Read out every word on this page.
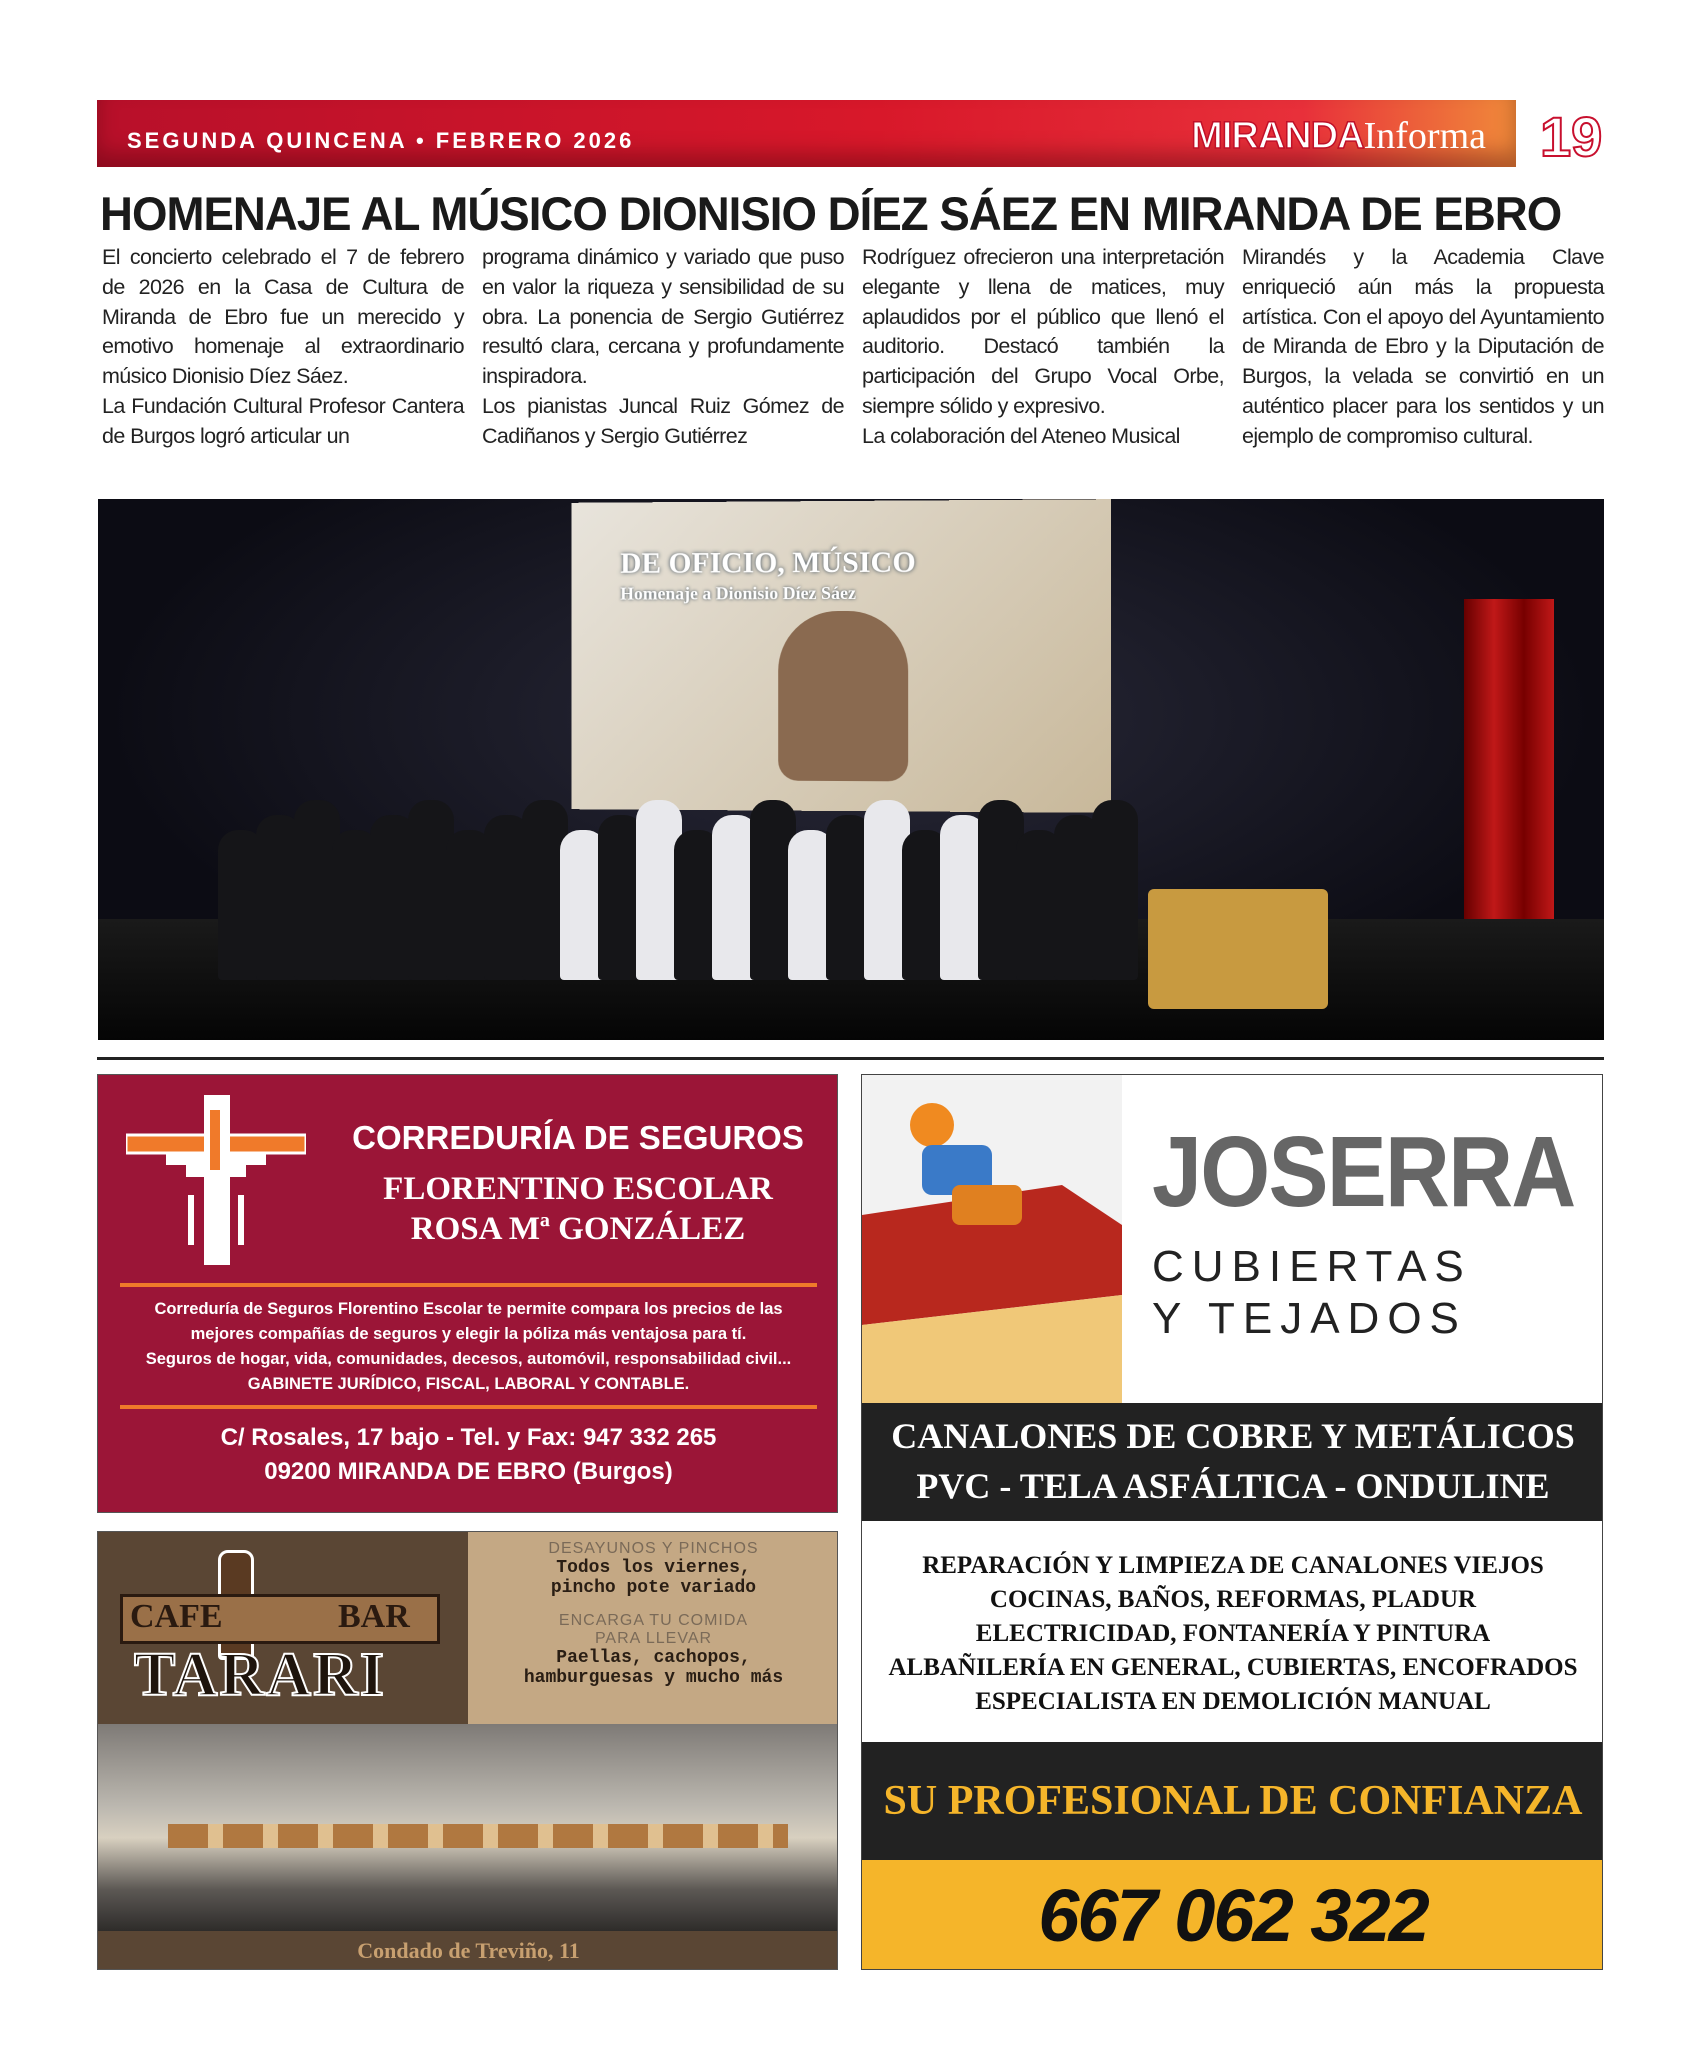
SEGUNDA QUINCENA • FEBRERO 2026	MIRANDAInforma 19
HOMENAJE AL MÚSICO DIONISIO DÍEZ SÁEZ EN MIRANDA DE EBRO
El concierto celebrado el 7 de febrero de 2026 en la Casa de Cultura de Miranda de Ebro fue un merecido y emotivo homenaje al extraordinario músico Dionisio Díez Sáez.
La Fundación Cultural Profesor Cantera de Burgos logró articular un
programa dinámico y variado que puso en valor la riqueza y sensibilidad de su obra. La ponencia de Sergio Gutiérrez resultó clara, cercana y profundamente inspiradora.
Los pianistas Juncal Ruiz Gómez de Cadiñanos y Sergio Gutiérrez
Rodríguez ofrecieron una interpretación elegante y llena de matices, muy aplaudidos por el público que llenó el auditorio. Destacó también la participación del Grupo Vocal Orbe, siempre sólido y expresivo.
La colaboración del Ateneo Musical
Mirandés y la Academia Clave enriqueció aún más la propuesta artística. Con el apoyo del Ayuntamiento de Miranda de Ebro y la Diputación de Burgos, la velada se convirtió en un auténtico placer para los sentidos y un ejemplo de compromiso cultural.
DE OFICIO, MÚSICO
Homenaje a Dionisio Díez Sáez
CORREDURÍA DE SEGUROS
FLORENTINO ESCOLAR
ROSA Mª GONZÁLEZ
Correduría de Seguros Florentino Escolar te permite compara los precios de las
mejores compañías de seguros y elegir la póliza más ventajosa para tí.
Seguros de hogar, vida, comunidades, decesos, automóvil, responsabilidad civil...
GABINETE JURÍDICO, FISCAL, LABORAL Y CONTABLE.
C/ Rosales, 17 bajo - Tel. y Fax: 947 332 265
09200 MIRANDA DE EBRO (Burgos)
CAFE	BAR
TARARI
DESAYUNOS Y PINCHOS
Todos los viernes,
pincho pote variado
ENCARGA TU COMIDA
PARA LLEVAR
Paellas, cachopos,
hamburguesas y mucho más
Condado de Treviño, 11
JOSERRA
CUBIERTAS
Y TEJADOS
CANALONES DE COBRE Y METÁLICOS
PVC - TELA ASFÁLTICA - ONDULINE
REPARACIÓN Y LIMPIEZA DE CANALONES VIEJOS
COCINAS, BAÑOS, REFORMAS, PLADUR
ELECTRICIDAD, FONTANERÍA Y PINTURA
ALBAÑILERÍA EN GENERAL, CUBIERTAS, ENCOFRADOS
ESPECIALISTA EN DEMOLICIÓN MANUAL
SU PROFESIONAL DE CONFIANZA
667 062 322
